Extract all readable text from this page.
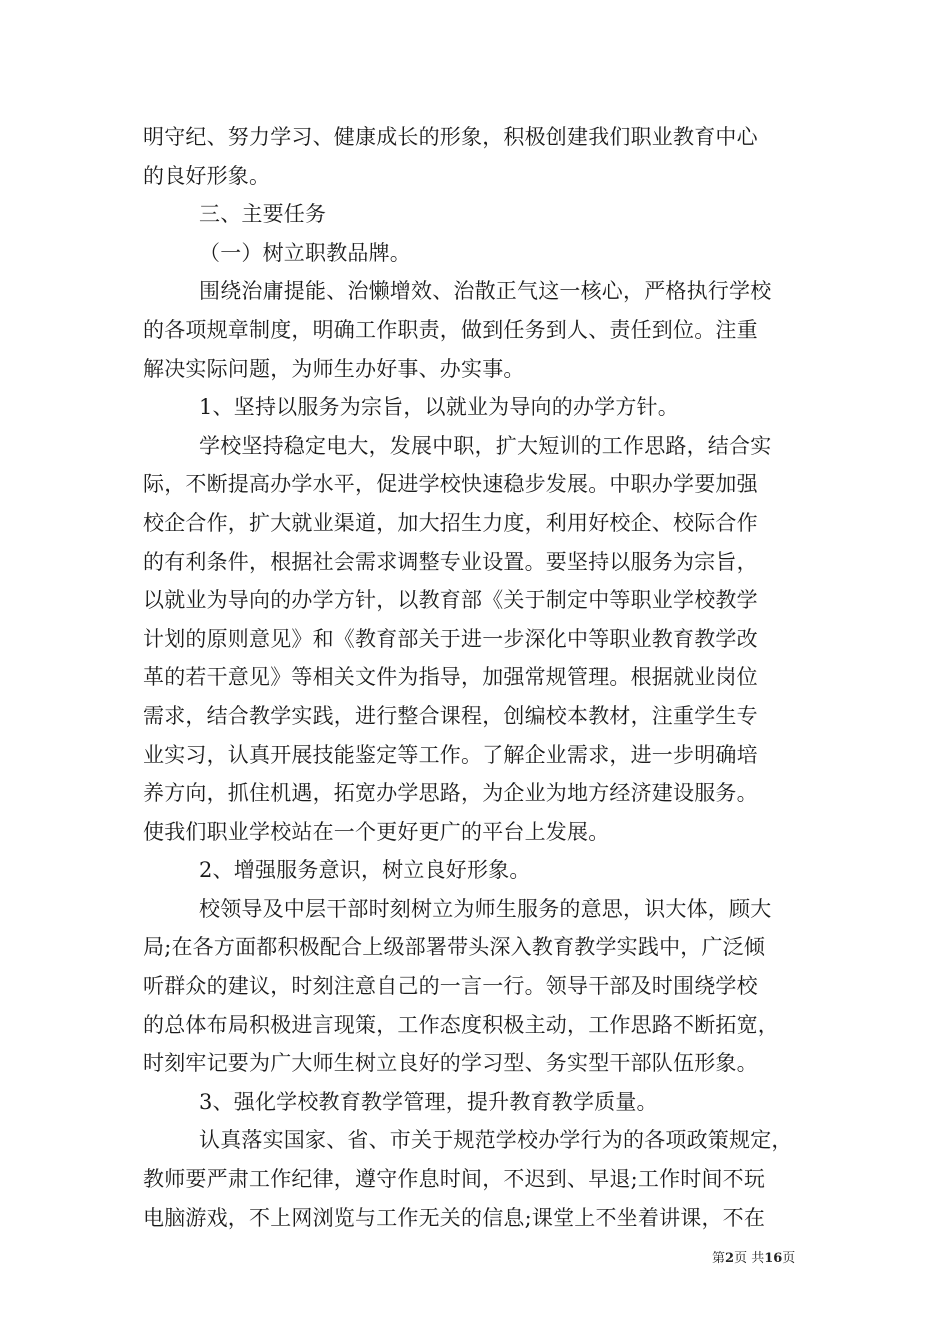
明守纪、努力学习、健康成长的形象，积极创建我们职业教育中心
的良好形象。
三、主要任务
（一）树立职教品牌。
围绕治庸提能、治懒增效、治散正气这一核心，严格执行学校
的各项规章制度，明确工作职责，做到任务到人、责任到位。注重
解决实际问题，为师生办好事、办实事。
1、坚持以服务为宗旨，以就业为导向的办学方针。
学校坚持稳定电大，发展中职，扩大短训的工作思路，结合实
际，不断提高办学水平，促进学校快速稳步发展。中职办学要加强
校企合作，扩大就业渠道，加大招生力度，利用好校企、校际合作
的有利条件，根据社会需求调整专业设置。要坚持以服务为宗旨，
以就业为导向的办学方针，以教育部《关于制定中等职业学校教学
计划的原则意见》和《教育部关于进一步深化中等职业教育教学改
革的若干意见》等相关文件为指导，加强常规管理。根据就业岗位
需求，结合教学实践，进行整合课程，创编校本教材，注重学生专
业实习，认真开展技能鉴定等工作。了解企业需求，进一步明确培
养方向，抓住机遇，拓宽办学思路，为企业为地方经济建设服务。
使我们职业学校站在一个更好更广的平台上发展。
2、增强服务意识，树立良好形象。
校领导及中层干部时刻树立为师生服务的意思，识大体，顾大
局;在各方面都积极配合上级部署带头深入教育教学实践中，广泛倾
听群众的建议，时刻注意自己的一言一行。领导干部及时围绕学校
的总体布局积极进言现策，工作态度积极主动，工作思路不断拓宽，
时刻牢记要为广大师生树立良好的学习型、务实型干部队伍形象。
3、强化学校教育教学管理，提升教育教学质量。
认真落实国家、省、市关于规范学校办学行为的各项政策规定，
教师要严肃工作纪律，遵守作息时间，不迟到、早退;工作时间不玩
电脑游戏，不上网浏览与工作无关的信息;课堂上不坐着讲课，不在
第2页 共16页
